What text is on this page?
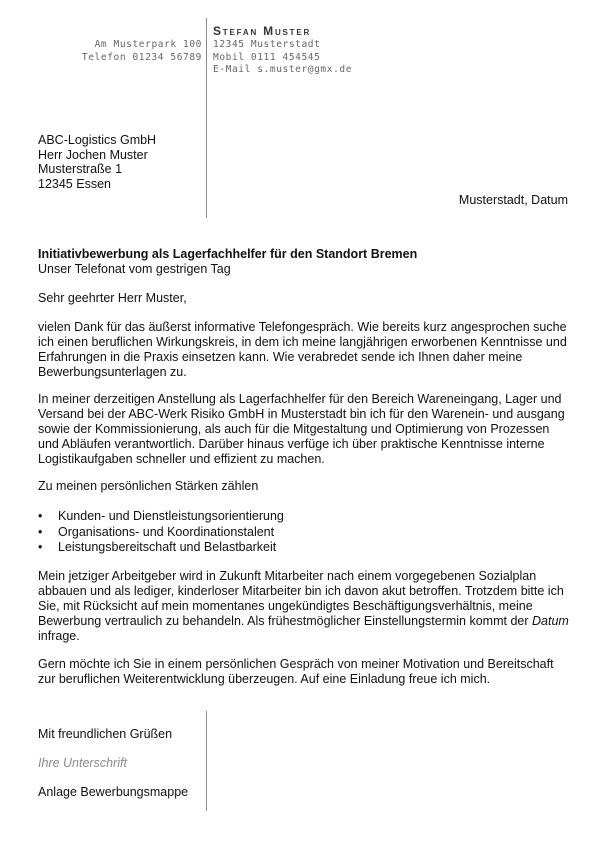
Am Musterpark 100
Telefon 01234 56789
Stefan Muster
12345 Musterstadt
Mobil 0111 454545
E-Mail s.muster@gmx.de
ABC-Logistics GmbH
Herr Jochen Muster
Musterstraße 1
12345 Essen
Musterstadt, Datum
Initiativbewerbung als Lagerfachhelfer für den Standort Bremen
Unser Telefonat vom gestrigen Tag
Sehr geehrter Herr Muster,
vielen Dank für das äußerst informative Telefongespräch. Wie bereits kurz angesprochen suche ich einen beruflichen Wirkungskreis, in dem ich meine langjährigen erworbenen Kenntnisse und Erfahrungen in die Praxis einsetzen kann. Wie verabredet sende ich Ihnen daher meine Bewerbungsunterlagen zu.
In meiner derzeitigen Anstellung als Lagerfachhelfer für den Bereich Wareneingang, Lager und Versand bei der ABC-Werk Risiko GmbH in Musterstadt bin ich für den Warenein- und ausgang sowie der Kommissionierung, als auch für die Mitgestaltung und Optimierung von Prozessen und Abläufen verantwortlich. Darüber hinaus verfüge ich über praktische Kenntnisse interne Logistikaufgaben schneller und effizient zu machen.
Zu meinen persönlichen Stärken zählen
• Kunden- und Dienstleistungsorientierung
• Organisations- und Koordinationstalent
• Leistungsbereitschaft und Belastbarkeit
Mein jetziger Arbeitgeber wird in Zukunft Mitarbeiter nach einem vorgegebenen Sozialplan abbauen und als lediger, kinderloser Mitarbeiter bin ich davon akut betroffen. Trotzdem bitte ich Sie, mit Rücksicht auf mein momentanes ungekündigtes Beschäftigungsverhältnis, meine Bewerbung vertraulich zu behandeln. Als frühestmöglicher Einstellungstermin kommt der Datum infrage.
Gern möchte ich Sie in einem persönlichen Gespräch von meiner Motivation und Bereitschaft zur beruflichen Weiterentwicklung überzeugen. Auf eine Einladung freue ich mich.
Mit freundlichen Grüßen
Ihre Unterschrift
Anlage Bewerbungsmappe
